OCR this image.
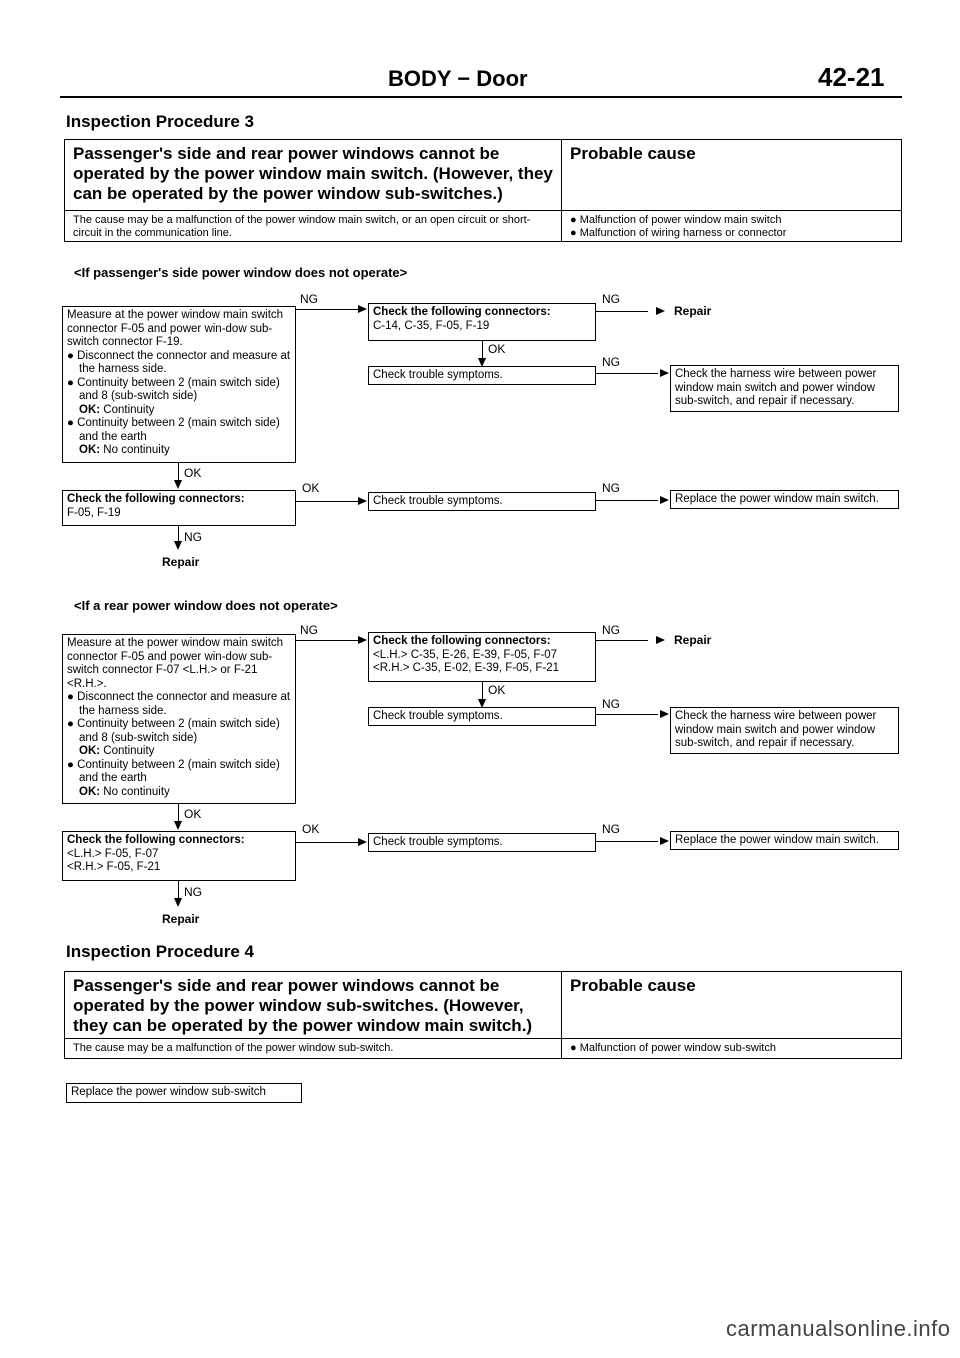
BODY − Door	42-21
Inspection Procedure 3
Passenger's side and rear power windows cannot be operated by the power window main switch. (However, they can be operated by the power window sub-switches.)
Probable cause
The cause may be a malfunction of the power window main switch, or an open circuit or short-circuit in the communication line.
● Malfunction of power window main switch
● Malfunction of wiring harness or connector
<If passenger's side power window does not operate>
Measure at the power window main switch connector F-05 and power win-dow sub-switch connector F-19.
● Disconnect the connector and measure at the harness side.
● Continuity between 2 (main switch side) and 8 (sub-switch side)
OK: Continuity
● Continuity between 2 (main switch side) and the earth
OK: No continuity
NG
Check the following connectors:
C-14, C-35, F-05, F-19
NG
Repair
OK
Check trouble symptoms.
NG
Check the harness wire between power window main switch and power window sub-switch, and repair if necessary.
OK
Check the following connectors:
F-05, F-19
OK
Check trouble symptoms.
NG
Replace the power window main switch.
NG
Repair
<If a rear power window does not operate>
Measure at the power window main switch connector F-05 and power win-dow sub-switch connector F-07 <L.H.> or F-21 <R.H.>.
● Disconnect the connector and measure at the harness side.
● Continuity between 2 (main switch side) and 8 (sub-switch side)
OK: Continuity
● Continuity between 2 (main switch side) and the earth
OK: No continuity
NG
Check the following connectors:
<L.H.> C-35, E-26, E-39, F-05, F-07
<R.H.> C-35, E-02, E-39, F-05, F-21
NG
Repair
OK
Check trouble symptoms.
NG
Check the harness wire between power window main switch and power window sub-switch, and repair if necessary.
OK
Check the following connectors:
<L.H.> F-05, F-07
<R.H.> F-05, F-21
OK
Check trouble symptoms.
NG
Replace the power window main switch.
NG
Repair
Inspection Procedure 4
Passenger's side and rear power windows cannot be operated by the power window sub-switches. (However, they can be operated by the power window main switch.)
Probable cause
The cause may be a malfunction of the power window sub-switch.	● Malfunction of power window sub-switch
Replace the power window sub-switch
carmanualsonline.info
